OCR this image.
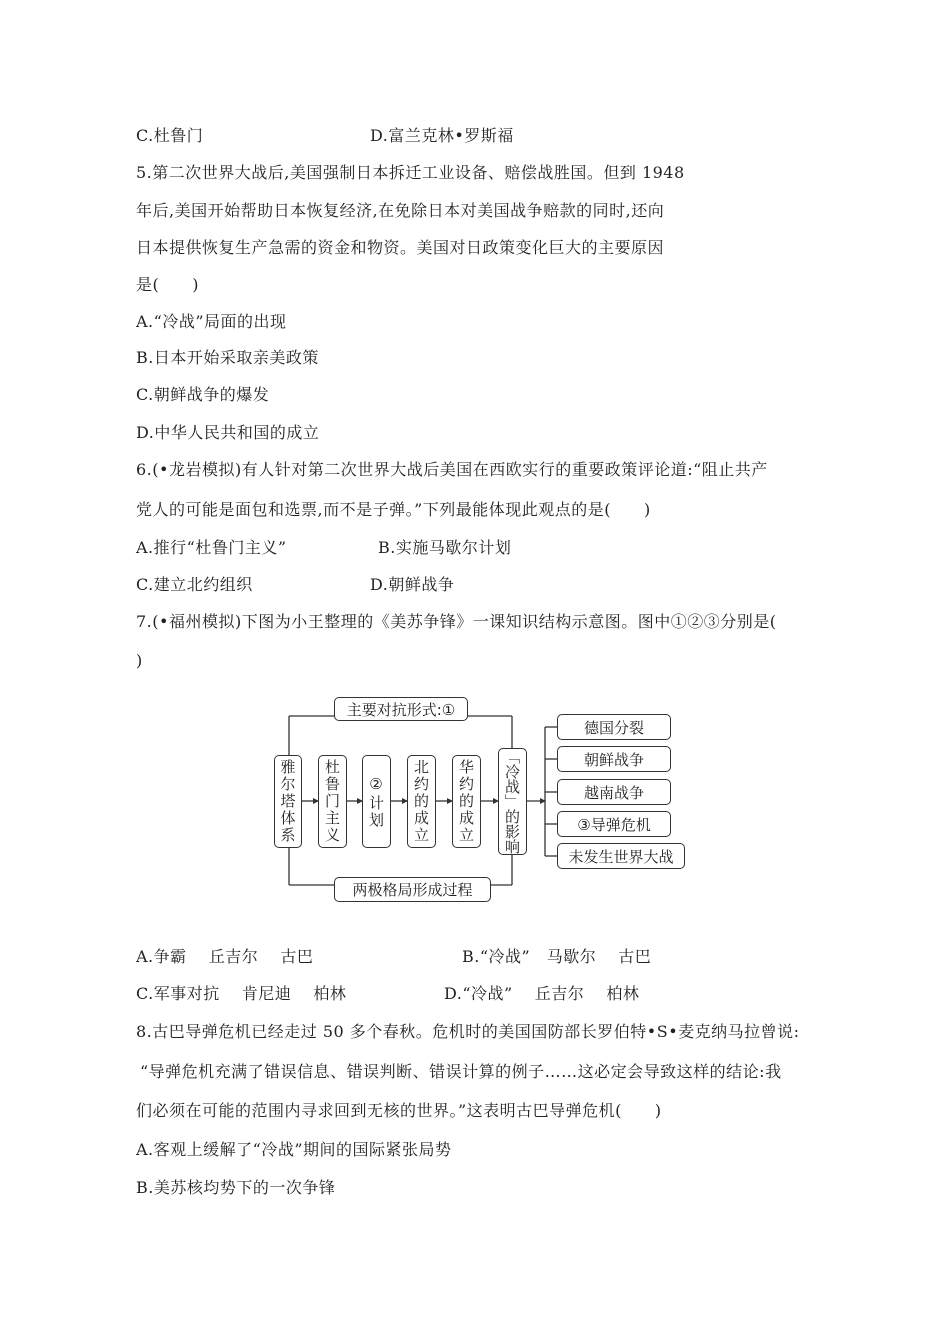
C.杜鲁门	D.富兰克林•罗斯福
5.第二次世界大战后,美国强制日本拆迁工业设备、赔偿战胜国。但到 1948
年后,美国开始帮助日本恢复经济,在免除日本对美国战争赔款的同时,还向
日本提供恢复生产急需的资金和物资。美国对日政策变化巨大的主要原因
是(　　)
A.“冷战”局面的出现
B.日本开始采取亲美政策
C.朝鲜战争的爆发
D.中华人民共和国的成立
6.(•龙岩模拟)有人针对第二次世界大战后美国在西欧实行的重要政策评论道:“阻止共产
党人的可能是面包和选票,而不是子弹。”下列最能体现此观点的是(　　)
A.推行“杜鲁门主义”	B.实施马歇尔计划
C.建立北约组织	D.朝鲜战争
7.(•福州模拟)下图为小王整理的《美苏争锋》一课知识结构示意图。图中①②③分别是(
)
主要对抗形式:①
两极格局形成过程
雅尔塔体系	杜鲁门主义	②计划	北约的成立	华约的成立	「冷战」的影响
德国分裂
朝鲜战争
越南战争
③导弹危机
未发生世界大战
A.争霸　 丘吉尔　 古巴	B.“冷战”　马歇尔　 古巴
C.军事对抗　 肯尼迪　 柏林	D.“冷战”　 丘吉尔　 柏林
8.古巴导弹危机已经走过 50 多个春秋。危机时的美国国防部长罗伯特•S•麦克纳马拉曾说:
“导弹危机充满了错误信息、错误判断、错误计算的例子……这必定会导致这样的结论:我
们必须在可能的范围内寻求回到无核的世界。”这表明古巴导弹危机(　　)
A.客观上缓解了“冷战”期间的国际紧张局势
B.美苏核均势下的一次争锋
